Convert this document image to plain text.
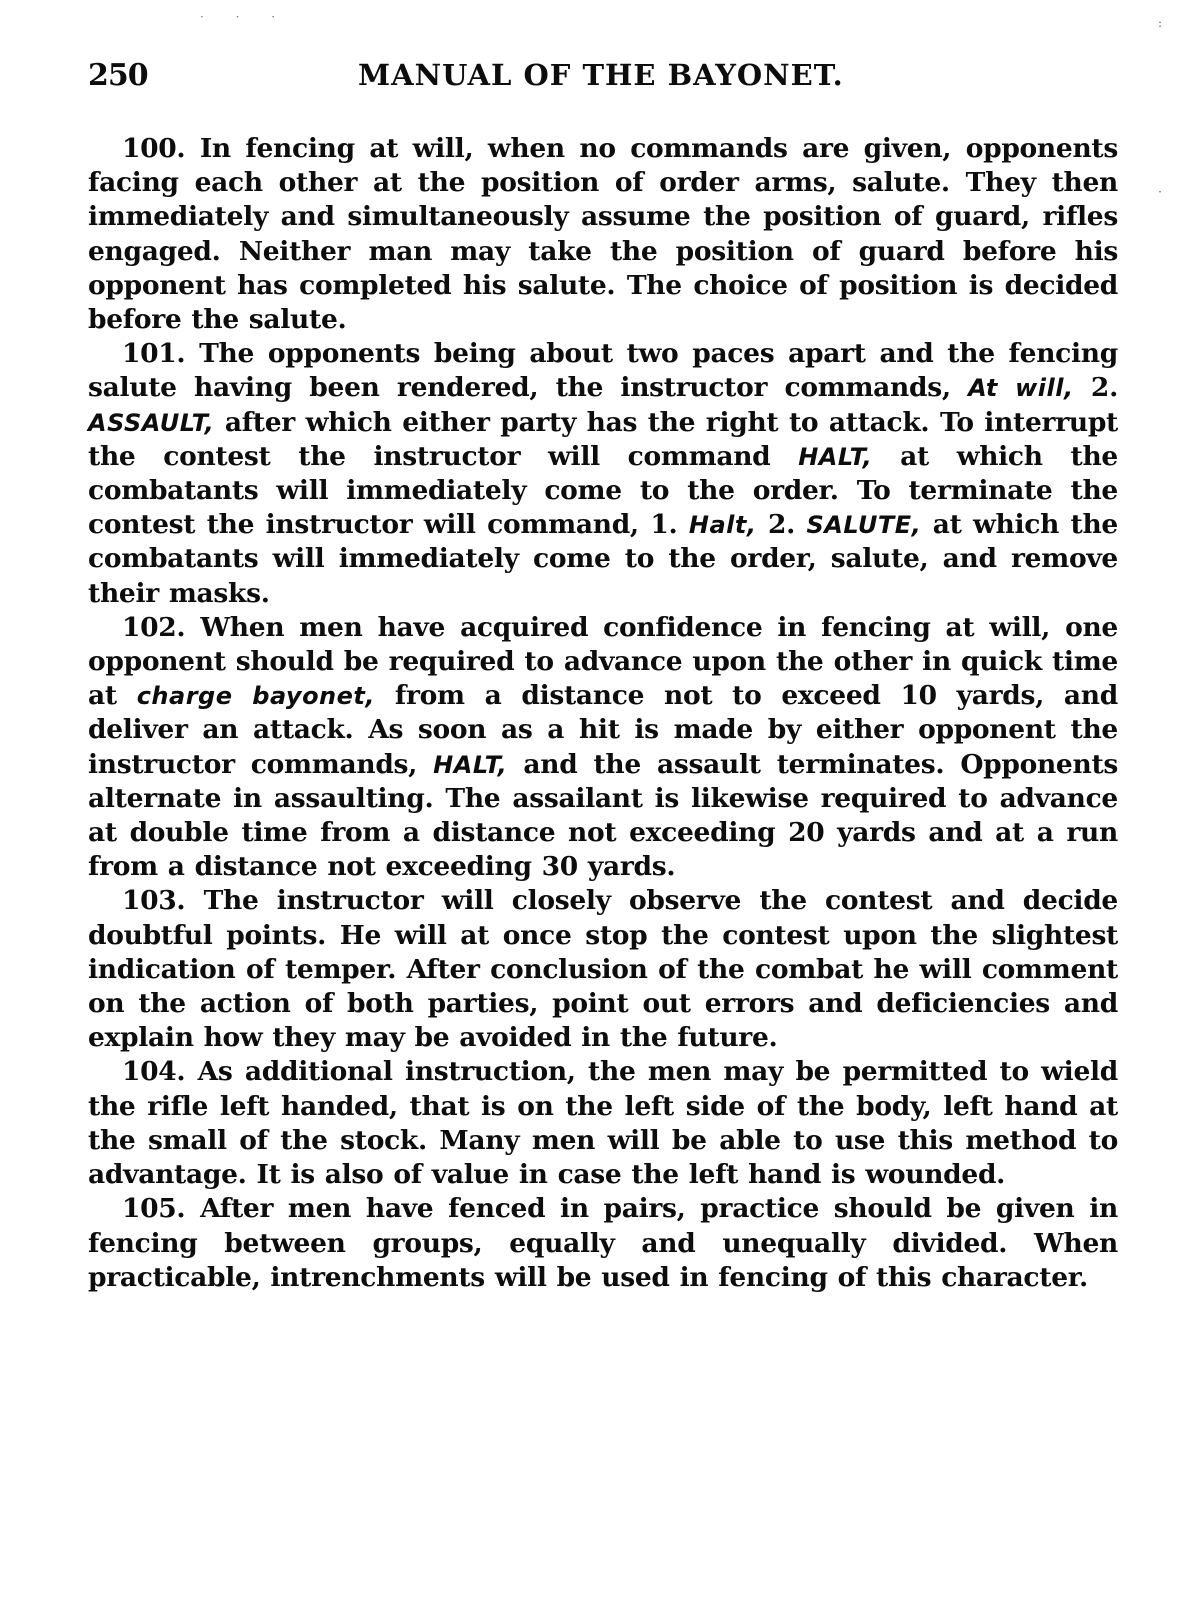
· · ·	:
·
250	MANUAL OF THE BAYONET.

100. In fencing at will, when no commands are given, opponents facing each other at the position of order arms, salute. They then immediately and simultaneously assume the position of guard, rifles engaged. Neither man may take the position of guard before his opponent has completed his salute. The choice of position is decided before the salute.

101. The opponents being about two paces apart and the fencing salute having been rendered, the instructor commands, At will, 2. ASSAULT, after which either party has the right to attack. To interrupt the contest the instructor will command HALT, at which the combatants will immediately come to the order. To terminate the contest the instructor will command, 1. Halt, 2. SALUTE, at which the combatants will immediately come to the order, salute, and remove their masks.

102. When men have acquired confidence in fencing at will, one opponent should be required to advance upon the other in quick time at charge bayonet, from a distance not to exceed 10 yards, and deliver an attack. As soon as a hit is made by either opponent the instructor commands, HALT, and the assault terminates. Opponents alternate in assaulting. The assailant is likewise required to advance at double time from a distance not exceeding 20 yards and at a run from a distance not exceeding 30 yards.

103. The instructor will closely observe the contest and decide doubtful points. He will at once stop the contest upon the slightest indication of temper. After conclusion of the combat he will comment on the action of both parties, point out errors and deficiencies and explain how they may be avoided in the future.

104. As additional instruction, the men may be permitted to wield the rifle left handed, that is on the left side of the body, left hand at the small of the stock. Many men will be able to use this method to advantage. It is also of value in case the left hand is wounded.

105. After men have fenced in pairs, practice should be given in fencing between groups, equally and unequally divided. When practicable, intrenchments will be used in fencing of this character.
